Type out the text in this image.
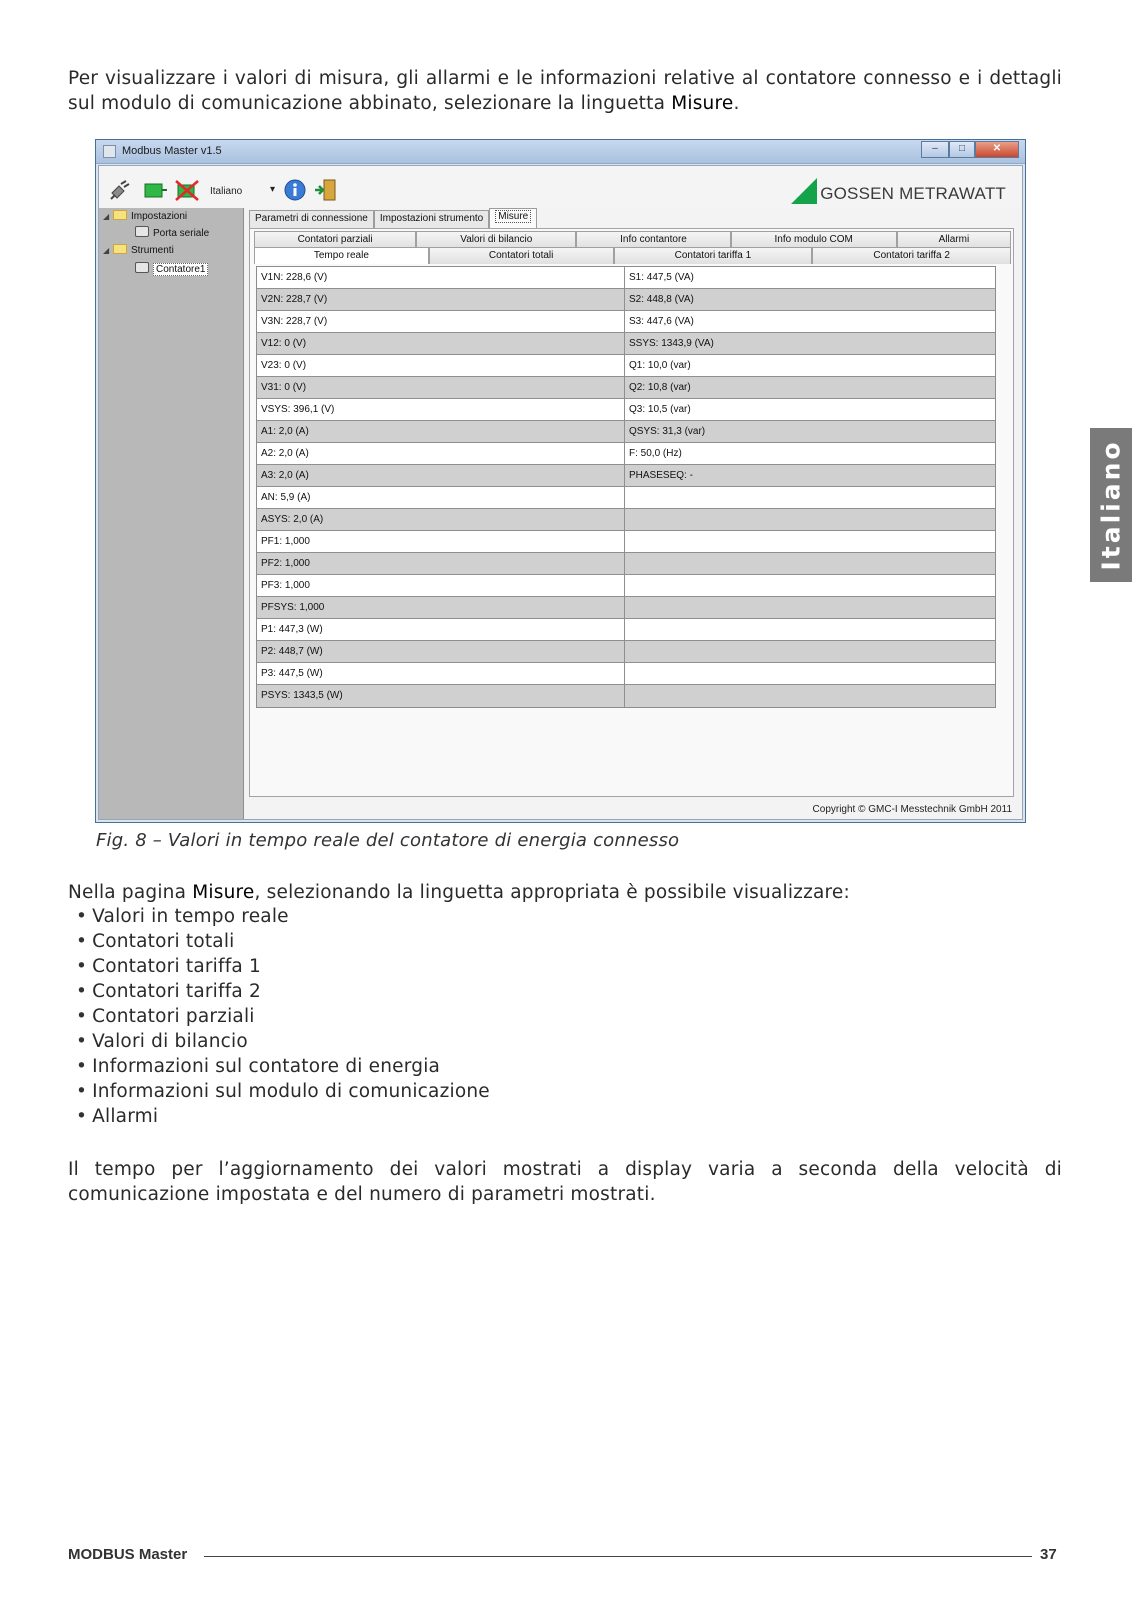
Per visualizzare i valori di misura, gli allarmi e le informazioni relative al contatore connesso e i dettagli sul modulo di comunicazione abbinato, selezionare la linguetta Misure.

Modbus Master v1.5	–	□	✕
Italiano	▾	GOSSEN METRAWATT
◢ Impostazioni
Porta seriale
◢ Strumenti
Contatore1
Parametri di connessione	Impostazioni strumento	Misure
Contatori parziali	Valori di bilancio	Info contantore	Info modulo COM	Allarmi
Tempo reale	Contatori totali	Contatori tariffa 1	Contatori tariffa 2
V1N: 228,6 (V)	S1: 447,5 (VA)
V2N: 228,7 (V)	S2: 448,8 (VA)
V3N: 228,7 (V)	S3: 447,6 (VA)
V12: 0 (V)	SSYS: 1343,9 (VA)
V23: 0 (V)	Q1: 10,0 (var)
V31: 0 (V)	Q2: 10,8 (var)
VSYS: 396,1 (V)	Q3: 10,5 (var)
A1: 2,0 (A)	QSYS: 31,3 (var)
A2: 2,0 (A)	F: 50,0 (Hz)
A3: 2,0 (A)	PHASESEQ: -
AN: 5,9 (A)
ASYS: 2,0 (A)
PF1: 1,000
PF2: 1,000
PF3: 1,000
PFSYS: 1,000
P1: 447,3 (W)
P2: 448,7 (W)
P3: 447,5 (W)
PSYS: 1343,5 (W)
Copyright © GMC-I Messtechnik GmbH 2011
Fig. 8 – Valori in tempo reale del contatore di energia connesso

Nella pagina Misure, selezionando la linguetta appropriata è possibile visualizzare:

• Valori in tempo reale
• Contatori totali
• Contatori tariffa 1
• Contatori tariffa 2
• Contatori parziali
• Valori di bilancio
• Informazioni sul contatore di energia
• Informazioni sul modulo di comunicazione
• Allarmi

Il tempo per l’aggiornamento dei valori mostrati a display varia a seconda della velocità di comunicazione impostata e del numero di parametri mostrati.

Italiano
MODBUS Master	37
